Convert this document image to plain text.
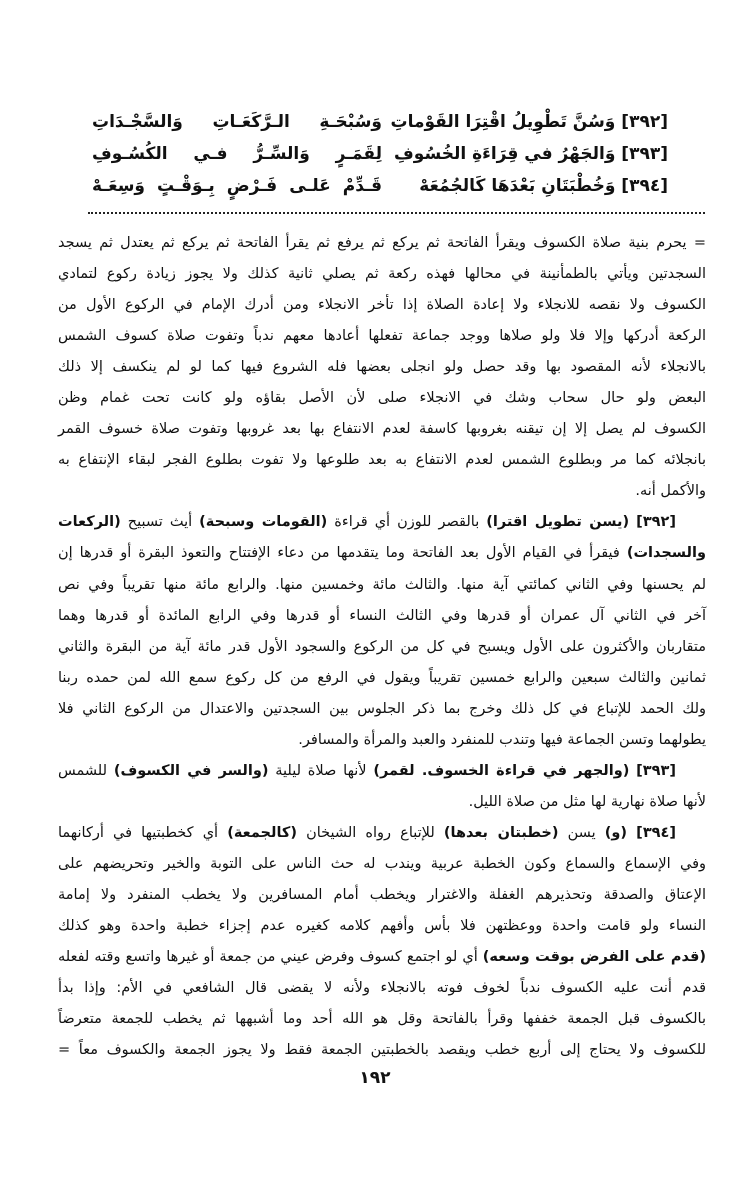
[٣٩٢] وَسُنَّ تَطْوِيلُ اقْتِرَا القَوْماتِ
وَسُبْحَـةِ الـرَّكَعَـاتِ وَالسَّجْـدَاتِ
[٣٩٣] وَالجَهْرُ في قِرَاءَةِ الخُسُوفِ
لِقَمَـرٍ وَالسِّـرُّ فـي الكُسُـوفِ
[٣٩٤] وَخُطْبَتَانِ بَعْدَهَا كَالجُمُعَهْ
قَـدِّمْ عَلـى فَـرْضٍ بِـوَقْـتٍ وَسِعَـهْ
= يحرم بنية صلاة الكسوف ويقرأ الفاتحة ثم يركع ثم يرفع ثم يقرأ الفاتحة ثم يركع ثم يعتدل ثم يسجد
السجدتين ويأتي بالطمأنينة في محالها فهذه ركعة ثم يصلي ثانية كذلك ولا يجوز زيادة ركوع لتمادي
الكسوف ولا نقصه للانجلاء ولا إعادة الصلاة إذا تأخر الانجلاء ومن أدرك الإمام في الركوع الأول من
الركعة أدركها وإلا فلا ولو صلاها ووجد جماعة تفعلها أعادها معهم ندباً وتفوت صلاة كسوف الشمس
بالانجلاء لأنه المقصود بها وقد حصل ولو انجلى بعضها فله الشروع فيها كما لو لم ينكسف إلا ذلك
البعض ولو حال سحاب وشك في الانجلاء صلى لأن الأصل بقاؤه ولو كانت تحت غمام وظن
الكسوف لم يصل إلا إن تيقنه بغروبها كاسفة لعدم الانتفاع بها بعد غروبها وتفوت صلاة خسوف القمر
بانجلائه كما مر وبطلوع الشمس لعدم الانتفاع به بعد طلوعها ولا تفوت بطلوع الفجر لبقاء الإنتفاع به
والأكمل أنه.
[٣٩٢] (يسن تطويل اقترا) بالقصر للوزن أي قراءة (القومات وسبحة) أيث تسبيح (الركعات
والسجدات) فيقرأ في القيام الأول بعد الفاتحة وما يتقدمها من دعاء الإفتتاح والتعوذ البقرة أو قدرها إن
لم يحسنها وفي الثاني كمائتي آية منها. والثالث مائة وخمسين منها. والرابع مائة منها تقريباً وفي نص
آخر في الثاني آل عمران أو قدرها وفي الثالث النساء أو قدرها وفي الرابع المائدة أو قدرها وهما
متقاربان والأكثرون على الأول ويسبح في كل من الركوع والسجود الأول قدر مائة آية من البقرة والثاني
ثمانين والثالث سبعين والرابع خمسين تقريباً ويقول في الرفع من كل ركوع سمع الله لمن حمده ربنا
ولك الحمد للإتباع في كل ذلك وخرج بما ذكر الجلوس بين السجدتين والاعتدال من الركوع الثاني فلا
يطولهما وتسن الجماعة فيها وتندب للمنفرد والعبد والمرأة والمسافر.
[٣٩٣] (والجهر في قراءة الخسوف. لقمر) لأنها صلاة ليلية (والسر في الكسوف) للشمس
لأنها صلاة نهارية لها مثل من صلاة الليل.
[٣٩٤] (و) يسن (خطبتان بعدها) للإتباع رواه الشيخان (كالجمعة) أي كخطبتيها في أركانهما
وفي الإسماع والسماع وكون الخطبة عربية ويندب له حث الناس على التوبة والخير وتحريضهم على
الإعتاق والصدقة وتحذيرهم الغفلة والاغترار ويخطب أمام المسافرين ولا يخطب المنفرد ولا إمامة
النساء ولو قامت واحدة ووعظتهن فلا بأس وأفهم كلامه كغيره عدم إجزاء خطبة واحدة وهو كذلك
(قدم على الفرض بوقت وسعه) أي لو اجتمع كسوف وفرض عيني من جمعة أو غيرها واتسع وقته لفعله
قدم أنت عليه الكسوف ندباً لخوف فوته بالانجلاء ولأنه لا يقضى قال الشافعي في الأم: وإذا بدأ
بالكسوف قبل الجمعة خففها وقرأ بالفاتحة وقل هو الله أحد وما أشبهها ثم يخطب للجمعة متعرضاً
للكسوف ولا يحتاج إلى أربع خطب ويقصد بالخطبتين الجمعة فقط ولا يجوز الجمعة والكسوف معاً =
١٩٢
